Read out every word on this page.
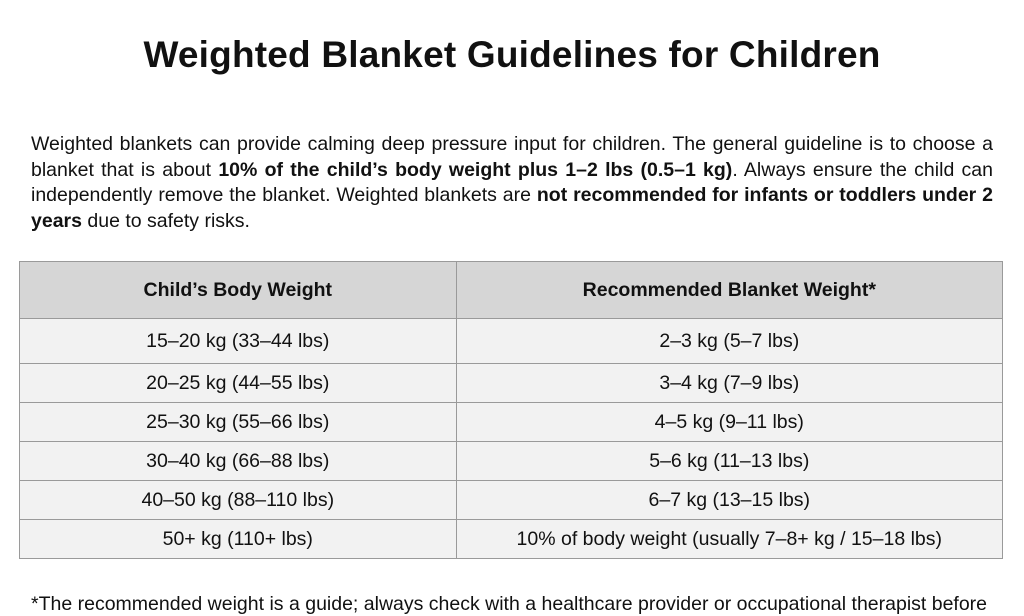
Weighted Blanket Guidelines for Children

Weighted blankets can provide calming deep pressure input for children. The general guideline is to choose a blanket that is about 10% of the child’s body weight plus 1–2 lbs (0.5–1 kg). Always ensure the child can independently remove the blanket. Weighted blankets are not recommended for infants or toddlers under 2 years due to safety risks.

Child’s Body Weight	Recommended Blanket Weight*
15–20 kg (33–44 lbs)	2–3 kg (5–7 lbs)
20–25 kg (44–55 lbs)	3–4 kg (7–9 lbs)
25–30 kg (55–66 lbs)	4–5 kg (9–11 lbs)
30–40 kg (66–88 lbs)	5–6 kg (11–13 lbs)
40–50 kg (88–110 lbs)	6–7 kg (13–15 lbs)
50+ kg (110+ lbs)	10% of body weight (usually 7–8+ kg / 15–18 lbs)
*The recommended weight is a guide; always check with a healthcare provider or occupational therapist before
